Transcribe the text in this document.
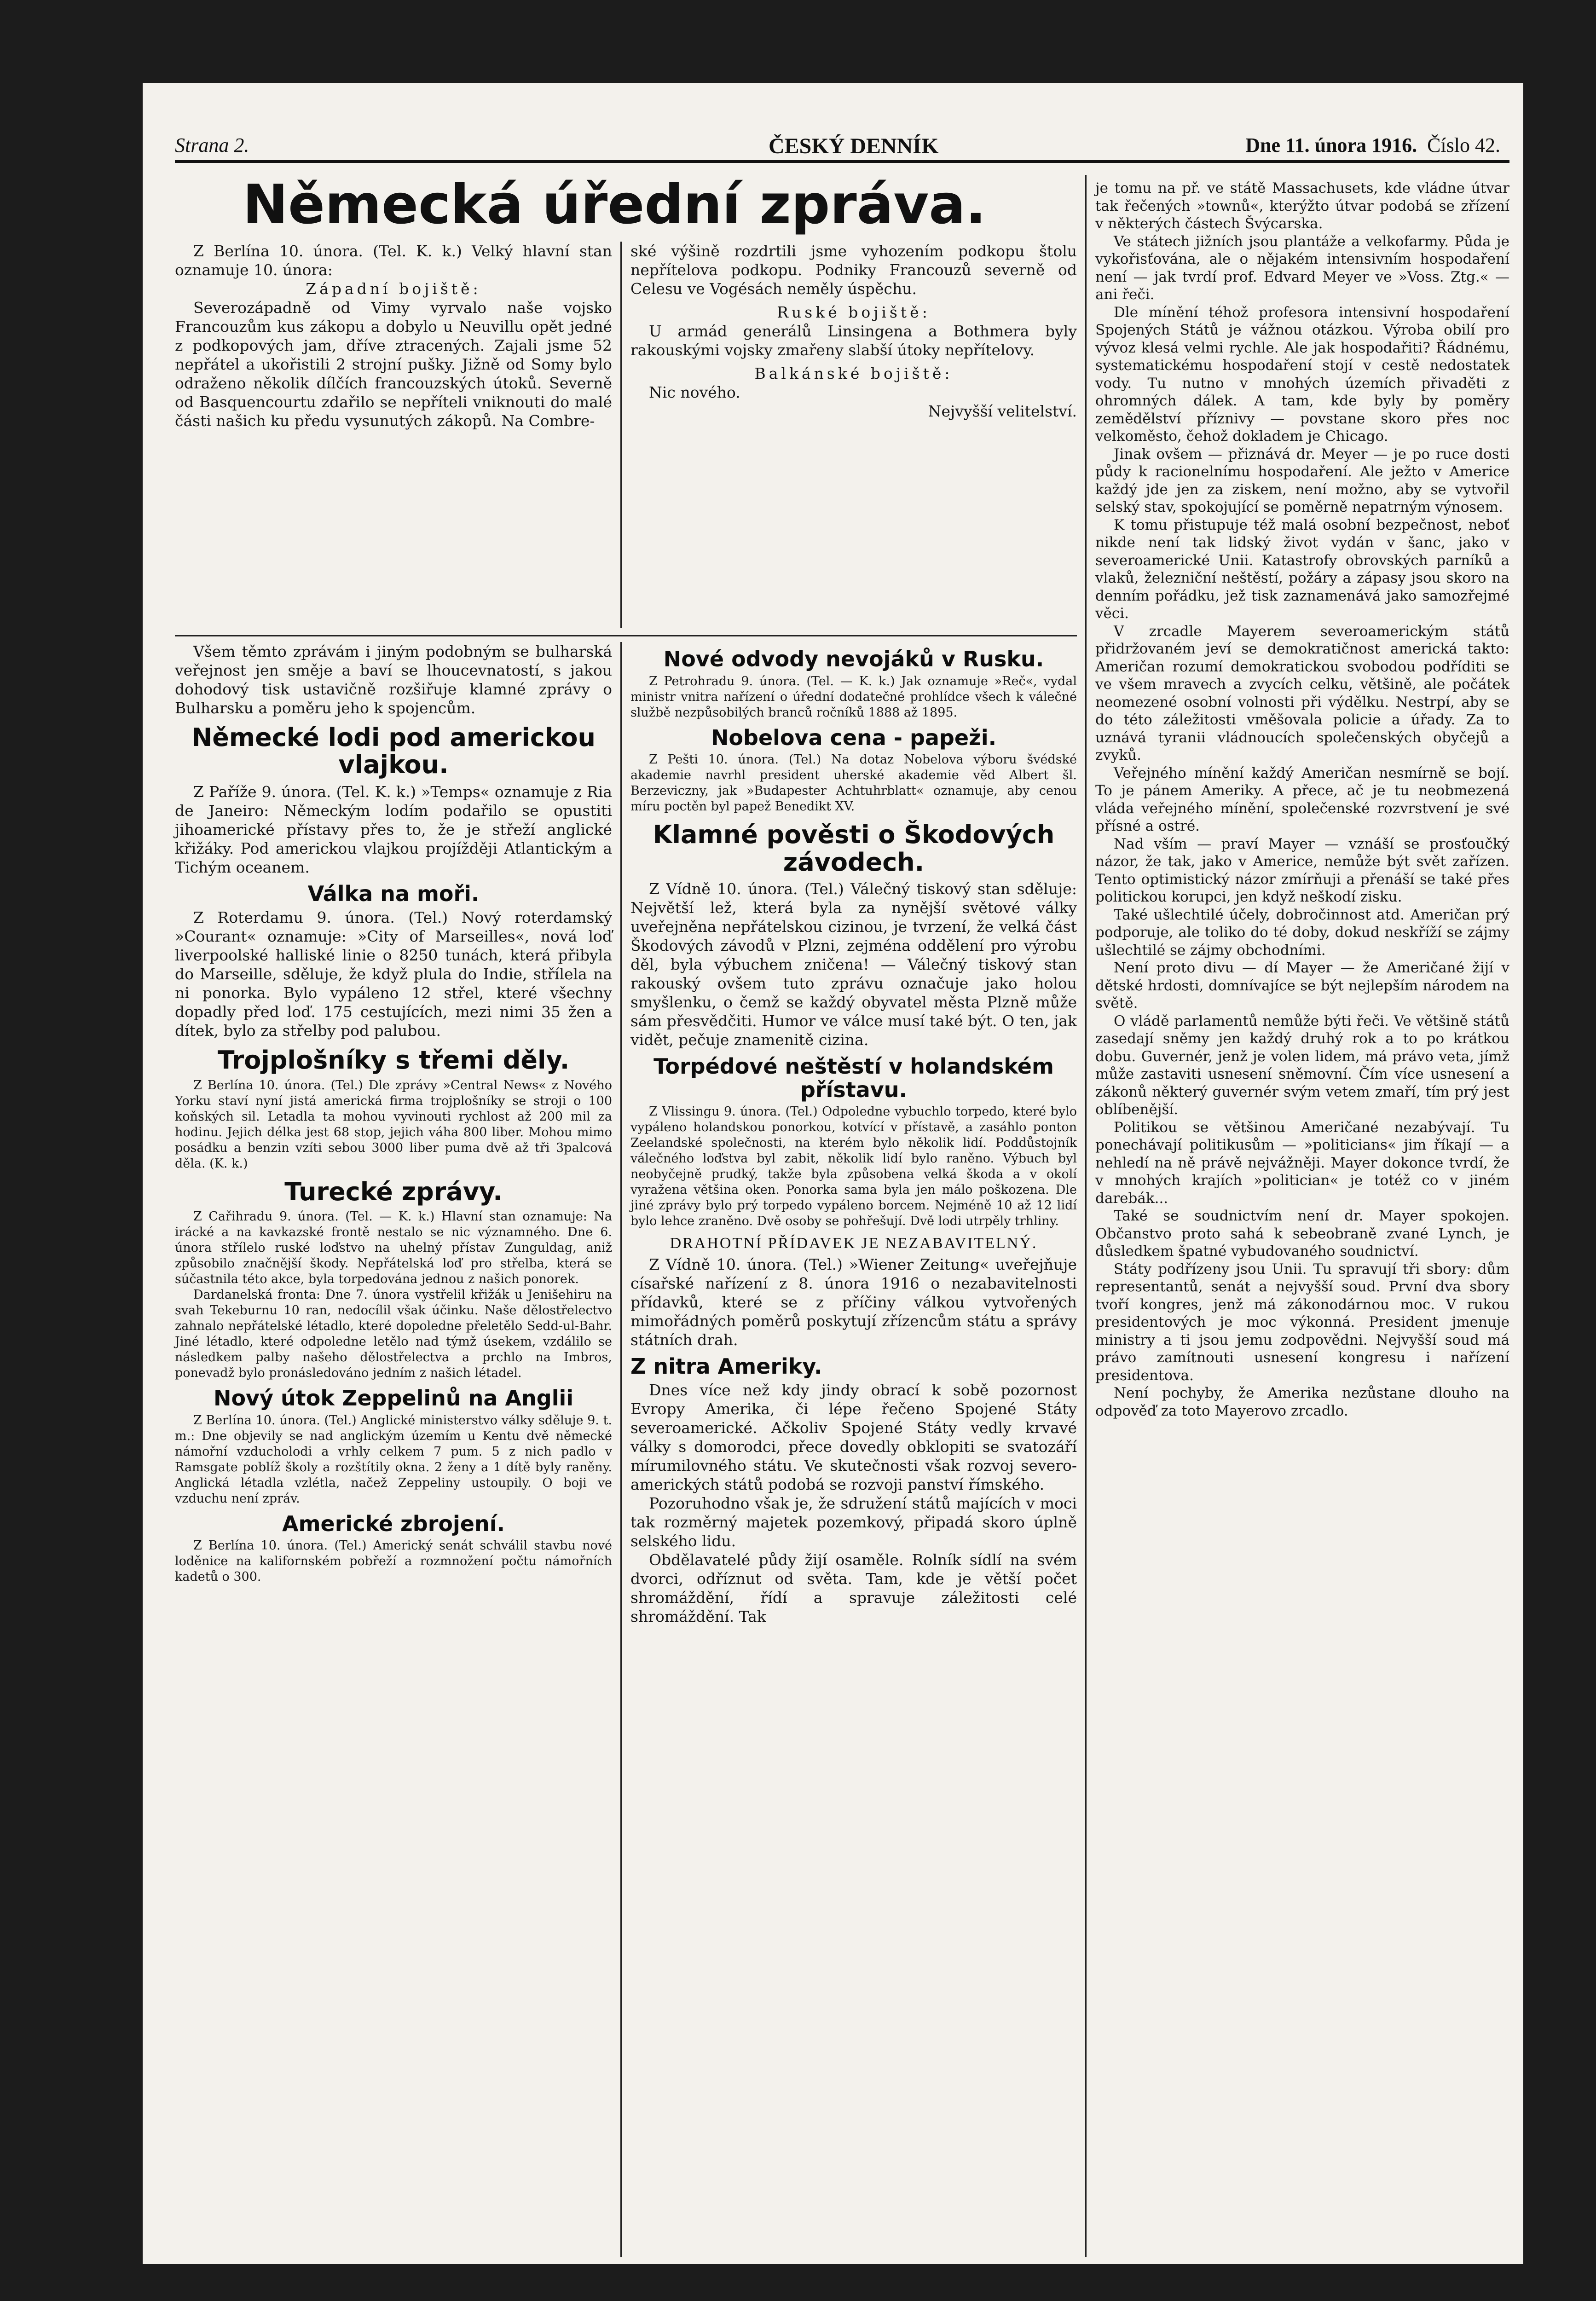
Strana 2.	ČESKÝ DENNÍK	Dne 11. února 1916. Číslo 42.
Německá úřední zpráva.

Z Berlína 10. února. (Tel. K. k.) Velký hlavní stan oznamuje 10. února:

Západní bojiště:

Severozápadně od Vimy vyrvalo naše vojsko Francouzům kus zákopu a dobylo u Neuvillu opět jedné z podkopových jam, dříve ztracených. Zajali jsme 52 nepřátel a ukořistili 2 strojní pušky. Jižně od Somy bylo odraženo několik dílčích francouzských útoků. Severně od Basquencourtu zdařilo se nepříteli vniknouti do malé části našich ku předu vysunutých zákopů. Na Combre-

ské výšině rozdrtili jsme vyhozením podkopu štolu nepřítelova podkopu. Podniky Francouzů severně od Celesu ve Vogésách neměly úspěchu.

Ruské bojiště:

U armád generálů Linsingena a Bothmera byly rakouskými vojsky zmařeny slabší útoky nepřítelovy.

Balkánské bojiště:

Nic nového.

Nejvyšší velitelství.

Všem těmto zprávám i jiným podobným se bulharská veřejnost jen směje a baví se lhoucevnatostí, s jakou dohodový tisk ustavičně rozšiřuje klamné zprávy o Bulharsku a poměru jeho k spojencům.

Německé lodi pod americkou vlajkou.

Z Paříže 9. února. (Tel. K. k.) »Temps« oznamuje z Ria de Janeiro: Německým lodím podařilo se opustiti jihoamerické přístavy přes to, že je střeží anglické křižáky. Pod americkou vlajkou projížději Atlantickým a Tichým oceanem.

Válka na moři.

Z Roterdamu 9. února. (Tel.) Nový roterdamský »Courant« oznamuje: »City of Marseilles«, nová loď liverpoolské halliské linie o 8250 tunách, která přibyla do Marseille, sděluje, že když plula do Indie, střílela na ni ponorka. Bylo vypáleno 12 střel, které všechny dopadly před loď. 175 cestujících, mezi nimi 35 žen a dítek, bylo za střelby pod palubou.

Trojplošníky s třemi děly.

Z Berlína 10. února. (Tel.) Dle zprávy »Central News« z Nového Yorku staví nyní jistá americká firma trojplošníky se stroji o 100 koňských sil. Letadla ta mohou vyvinouti rychlost až 200 mil za hodinu. Jejich délka jest 68 stop, jejich váha 800 liber. Mohou mimo posádku a benzin vzíti sebou 3000 liber puma dvě až tři 3palcová děla. (K. k.)

Turecké zprávy.

Z Cařihradu 9. února. (Tel. — K. k.) Hlavní stan oznamuje: Na irácké a na kavkazské frontě nestalo se nic významného. Dne 6. února střílelo ruské loďstvo na uhelný přístav Zunguldag, aniž způsobilo značnější škody. Nepřátelská loď pro střelba, která se súčastnila této akce, byla torpedována jednou z našich ponorek.

Dardanelská fronta: Dne 7. února vystřelil křižák u Jenišehiru na svah Tekeburnu 10 ran, nedocílil však účinku. Naše dělostřelectvo zahnalo nepřátelské létadlo, které dopoledne přeletělo Sedd-ul-Bahr. Jiné létadlo, které odpoledne letělo nad týmž úsekem, vzdálilo se následkem palby našeho dělostřelectva a prchlo na Imbros, ponevadž bylo pronásledováno jedním z našich létadel.

Nový útok Zeppelinů na Anglii

Z Berlína 10. února. (Tel.) Anglické ministerstvo války sděluje 9. t. m.: Dne objevily se nad anglickým územím u Kentu dvě německé námořní vzducholodi a vrhly celkem 7 pum. 5 z nich padlo v Ramsgate poblíž školy a rozštítily okna. 2 ženy a 1 dítě byly raněny. Anglická létadla vzlétla, načež Zeppeliny ustoupily. O boji ve vzduchu není zpráv.

Americké zbrojení.

Z Berlína 10. února. (Tel.) Americký senát schválil stavbu nové loděnice na kalifornském pobřeží a rozmnožení počtu námořních kadetů o 300.

Nové odvody nevojáků v Rusku.

Z Petrohradu 9. února. (Tel. — K. k.) Jak oznamuje »Reč«, vydal ministr vnitra nařízení o úřední dodatečné prohlídce všech k válečné službě nezpůsobilých branců ročníků 1888 až 1895.

Nobelova cena - papeži.

Z Pešti 10. února. (Tel.) Na dotaz Nobelova výboru švédské akademie navrhl president uherské akademie věd Albert šl. Berzeviczny, jak »Budapester Achtuhrblatt« oznamuje, aby cenou míru poctěn byl papež Benedikt XV.

Klamné pověsti o Škodových závodech.

Z Vídně 10. února. (Tel.) Válečný tiskový stan sděluje: Největší lež, která byla za nynější světové války uveřejněna nepřátelskou cizinou, je tvrzení, že velká část Škodových závodů v Plzni, zejména oddělení pro výrobu děl, byla výbuchem zničena! — Válečný tiskový stan rakouský ovšem tuto zprávu označuje jako holou smyšlenku, o čemž se každý obyvatel města Plzně může sám přesvědčiti. Humor ve válce musí také být. O ten, jak vidět, pečuje znamenitě cizina.

Torpédové neštěstí v holandském přístavu.

Z Vlissingu 9. února. (Tel.) Odpoledne vybuchlo torpedo, které bylo vypáleno holandskou ponorkou, kotvící v přístavě, a zasáhlo ponton Zeelandské společnosti, na kterém bylo několik lidí. Poddůstojník válečného loďstva byl zabit, několik lidí bylo raněno. Výbuch byl neobyčejně prudký, takže byla způsobena velká škoda a v okolí vyražena většina oken. Ponorka sama byla jen málo poškozena. Dle jiné zprávy bylo prý torpedo vypáleno borcem. Nejméně 10 až 12 lidí bylo lehce zraněno. Dvě osoby se pohřešují. Dvě lodi utrpěly trhliny.

DRAHOTNÍ PŘÍDAVEK JE NEZABAVITELNÝ.

Z Vídně 10. února. (Tel.) »Wiener Zeitung« uveřejňuje císařské nařízení z 8. února 1916 o nezabavitelnosti přídavků, které se z příčiny válkou vytvořených mimořádných poměrů poskytují zřízencům státu a správy státních drah.

Z nitra Ameriky.

Dnes více než kdy jindy obrací k sobě pozornost Evropy Amerika, či lépe řečeno Spojené Státy severoamerické. Ačkoliv Spojené Státy vedly krvavé války s domorodci, přece dovedly obklopiti se svatozáří mírumilovného státu. Ve skutečnosti však rozvoj severo-amerických států podobá se rozvoji panství římského.

Pozoruhodno však je, že sdružení států majících v moci tak rozměrný majetek pozemkový, připadá skoro úplně selského lidu.

Obdělavatelé půdy žijí osaměle. Rolník sídlí na svém dvorci, odříznut od světa. Tam, kde je větší počet shromáždění, řídí a spravuje záležitosti celé shromáždění. Tak

je tomu na př. ve státě Massachusets, kde vládne útvar tak řečených »townů«, kterýžto útvar podobá se zřízení v některých částech Švýcarska.

Ve státech jižních jsou plantáže a velkofarmy. Půda je vykořisťována, ale o nějakém intensivním hospodaření není — jak tvrdí prof. Edvard Meyer ve »Voss. Ztg.« — ani řeči.

Dle mínění téhož profesora intensivní hospodaření Spojených Států je vážnou otázkou. Výroba obilí pro vývoz klesá velmi rychle. Ale jak hospodařiti? Řádnému, systematickému hospodaření stojí v cestě nedostatek vody. Tu nutno v mnohých územích přivaděti z ohromných dálek. A tam, kde byly by poměry zemědělství příznivy — povstane skoro přes noc velkoměsto, čehož dokladem je Chicago.

Jinak ovšem — přiznává dr. Meyer — je po ruce dosti půdy k racionelnímu hospodaření. Ale ježto v Americe každý jde jen za ziskem, není možno, aby se vytvořil selský stav, spokojující se poměrně nepatrným výnosem.

K tomu přistupuje též malá osobní bezpečnost, neboť nikde není tak lidský život vydán v šanc, jako v severoamerické Unii. Katastrofy obrovských parníků a vlaků, železniční neštěstí, požáry a zápasy jsou skoro na denním pořádku, jež tisk zaznamenává jako samozřejmé věci.

V zrcadle Mayerem severoamerickým států přidržovaném jeví se demokratičnost americká takto: Američan rozumí demokratickou svobodou podříditi se ve všem mravech a zvycích celku, většině, ale počátek neomezené osobní volnosti při výdělku. Nestrpí, aby se do této záležitosti vměšovala policie a úřady. Za to uznává tyranii vládnoucích společenských obyčejů a zvyků.

Veřejného mínění každý Američan nesmírně se bojí. To je pánem Ameriky. A přece, ač je tu neobmezená vláda veřejného mínění, společenské rozvrstvení je své přísné a ostré.

Nad vším — praví Mayer — vznáší se prosťoučký názor, že tak, jako v Americe, nemůže být svět zařízen. Tento optimistický názor zmírňuji a přenáší se také přes politickou korupci, jen když neškodí zisku.

Také ušlechtilé účely, dobročinnost atd. Američan prý podporuje, ale toliko do té doby, dokud neskříží se zájmy ušlechtilé se zájmy obchodními.

Není proto divu — dí Mayer — že Američané žijí v dětské hrdosti, domnívajíce se být nejlepším národem na světě.

O vládě parlamentů nemůže býti řeči. Ve většině států zasedají sněmy jen každý druhý rok a to po krátkou dobu. Guvernér, jenž je volen lidem, má právo veta, jímž může zastaviti usnesení sněmovní. Čím více usnesení a zákonů některý guvernér svým vetem zmaří, tím prý jest oblíbenější.

Politikou se většinou Američané nezabývají. Tu ponechávají politikusům — »politicians« jim říkají — a nehledí na ně právě nejvážněji. Mayer dokonce tvrdí, že v mnohých krajích »politician« je totéž co v jiném darebák...

Také se soudnictvím není dr. Mayer spokojen. Občanstvo proto sahá k sebeobraně zvané Lynch, je důsledkem špatné vybudovaného soudnictví.

Státy podřízeny jsou Unii. Tu spravují tři sbory: dům representantů, senát a nejvyšší soud. První dva sbory tvoří kongres, jenž má zákonodárnou moc. V rukou presidentových je moc výkonná. President jmenuje ministry a ti jsou jemu zodpovědni. Nejvyšší soud má právo zamítnouti usnesení kongresu i nařízení presidentova.

Není pochyby, že Amerika nezůstane dlouho na odpověď za toto Mayerovo zrcadlo.
